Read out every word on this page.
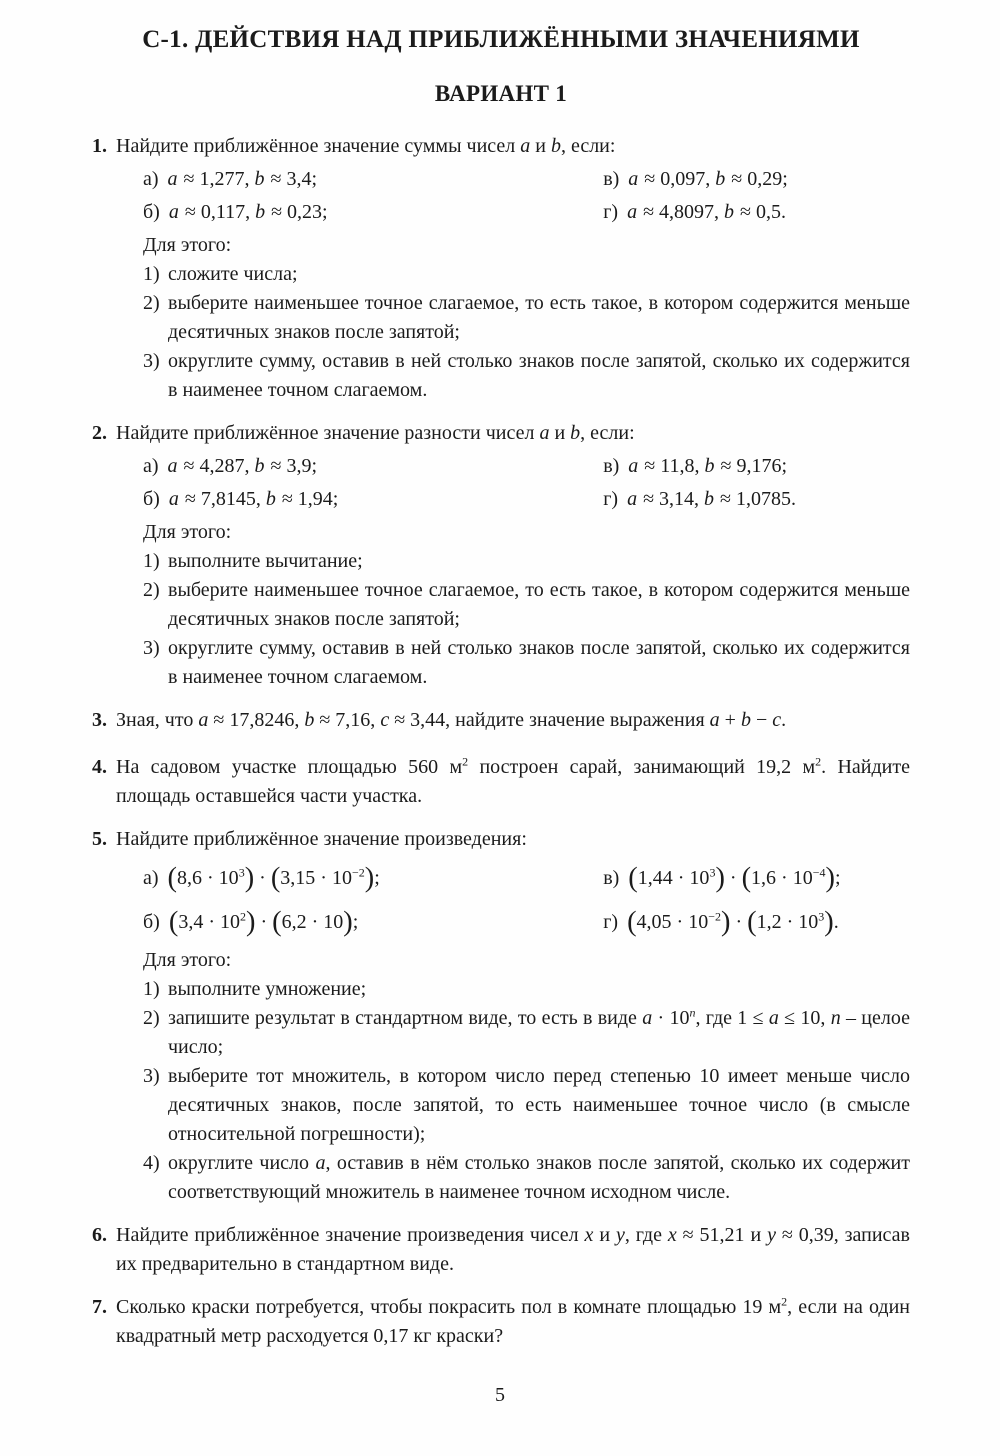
С-1. ДЕЙСТВИЯ НАД ПРИБЛИЖЁННЫМИ ЗНАЧЕНИЯМИ
ВАРИАНТ 1
1. Найдите приближённое значение суммы чисел a и b, если:
а) a ≈ 1,277, b ≈ 3,4;	в) a ≈ 0,097, b ≈ 0,29;
б) a ≈ 0,117, b ≈ 0,23;	г) a ≈ 4,8097, b ≈ 0,5.
Для этого:
1) сложите числа;
2) выберите наименьшее точное слагаемое, то есть такое, в котором содержится меньше десятичных знаков после запятой;
3) округлите сумму, оставив в ней столько знаков после запятой, сколько их содержится в наименее точном слагаемом.
2. Найдите приближённое значение разности чисел a и b, если:
а) a ≈ 4,287, b ≈ 3,9;	в) a ≈ 11,8, b ≈ 9,176;
б) a ≈ 7,8145, b ≈ 1,94;	г) a ≈ 3,14, b ≈ 1,0785.
Для этого:
1) выполните вычитание;
2) выберите наименьшее точное слагаемое, то есть такое, в котором содержится меньше десятичных знаков после запятой;
3) округлите сумму, оставив в ней столько знаков после запятой, сколько их содержится в наименее точном слагаемом.
3. Зная, что a ≈ 17,8246, b ≈ 7,16, c ≈ 3,44, найдите значение выражения a + b − c.
4. На садовом участке площадью 560 $м^2$ построен сарай, занимающий 19,2 $м^2$. Найдите площадь оставшейся части участка.
5. Найдите приближённое значение произведения:
а) $(8,6 \cdot 10^3) \cdot (3,15 \cdot 10^{-2})$;	в) $(1,44 \cdot 10^3) \cdot (1,6 \cdot 10^{-4})$;
б) $(3,4 \cdot 10^2) \cdot (6,2 \cdot 10)$;	г) $(4,05 \cdot 10^{-2}) \cdot (1,2 \cdot 10^3)$.
Для этого:
1) выполните умножение;
2) запишите результат в стандартном виде, то есть в виде $a \cdot 10^n$, где 1 ≤ a ≤ 10, n – целое число;
3) выберите тот множитель, в котором число перед степенью 10 имеет меньше число десятичных знаков, после запятой, то есть наименьшее точное число (в смысле относительной погрешности);
4) округлите число a, оставив в нём столько знаков после запятой, сколько их содержит соответствующий множитель в наименее точном исходном числе.
6. Найдите приближённое значение произведения чисел x и y, где x ≈ 51,21 и y ≈ 0,39, записав их предварительно в стандартном виде.
7. Сколько краски потребуется, чтобы покрасить пол в комнате площадью 19 $м^2$, если на один квадратный метр расходуется 0,17 кг краски?
5
